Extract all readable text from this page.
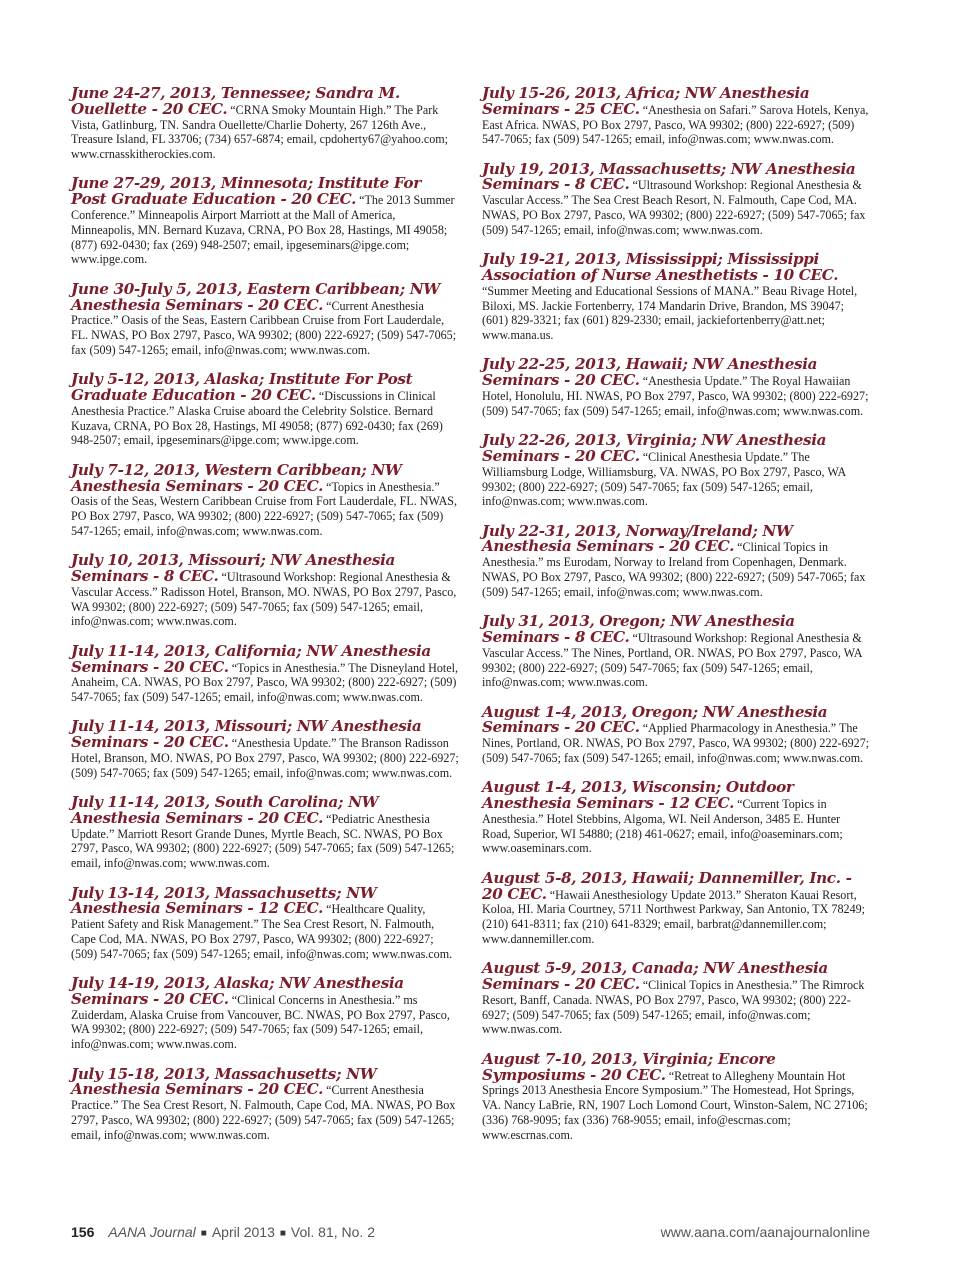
June 24-27, 2013, Tennessee; Sandra M. Ouellette - 20 CEC. “CRNA Smoky Mountain High.” The Park Vista, Gatlinburg, TN. Sandra Ouellette/Charlie Doherty, 267 126th Ave., Treasure Island, FL 33706; (734) 657-6874; email, cpdoherty67@yahoo.com; www.crnasskitherockies.com.
June 27-29, 2013, Minnesota; Institute For Post Graduate Education - 20 CEC. “The 2013 Summer Conference.” Minneapolis Airport Marriott at the Mall of America, Minneapolis, MN. Bernard Kuzava, CRNA, PO Box 28, Hastings, MI 49058; (877) 692-0430; fax (269) 948-2507; email, ipgeseminars@ipge.com; www.ipge.com.
June 30-July 5, 2013, Eastern Caribbean; NW Anesthesia Seminars - 20 CEC. “Current Anesthesia Practice.” Oasis of the Seas, Eastern Caribbean Cruise from Fort Lauderdale, FL. NWAS, PO Box 2797, Pasco, WA 99302; (800) 222-6927; (509) 547-7065; fax (509) 547-1265; email, info@nwas.com; www.nwas.com.
July 5-12, 2013, Alaska; Institute For Post Graduate Education - 20 CEC. “Discussions in Clinical Anesthesia Practice.” Alaska Cruise aboard the Celebrity Solstice. Bernard Kuzava, CRNA, PO Box 28, Hastings, MI 49058; (877) 692-0430; fax (269) 948-2507; email, ipgeseminars@ipge.com; www.ipge.com.
July 7-12, 2013, Western Caribbean; NW Anesthesia Seminars - 20 CEC. “Topics in Anesthesia.” Oasis of the Seas, Western Caribbean Cruise from Fort Lauderdale, FL. NWAS, PO Box 2797, Pasco, WA 99302; (800) 222-6927; (509) 547-7065; fax (509) 547-1265; email, info@nwas.com; www.nwas.com.
July 10, 2013, Missouri; NW Anesthesia Seminars - 8 CEC. “Ultrasound Workshop: Regional Anesthesia & Vascular Access.” Radisson Hotel, Branson, MO. NWAS, PO Box 2797, Pasco, WA 99302; (800) 222-6927; (509) 547-7065; fax (509) 547-1265; email, info@nwas.com; www.nwas.com.
July 11-14, 2013, California; NW Anesthesia Seminars - 20 CEC. “Topics in Anesthesia.” The Disneyland Hotel, Anaheim, CA. NWAS, PO Box 2797, Pasco, WA 99302; (800) 222-6927; (509) 547-7065; fax (509) 547-1265; email, info@nwas.com; www.nwas.com.
July 11-14, 2013, Missouri; NW Anesthesia Seminars - 20 CEC. “Anesthesia Update.” The Branson Radisson Hotel, Branson, MO. NWAS, PO Box 2797, Pasco, WA 99302; (800) 222-6927; (509) 547-7065; fax (509) 547-1265; email, info@nwas.com; www.nwas.com.
July 11-14, 2013, South Carolina; NW Anesthesia Seminars - 20 CEC. “Pediatric Anesthesia Update.” Marriott Resort Grande Dunes, Myrtle Beach, SC. NWAS, PO Box 2797, Pasco, WA 99302; (800) 222-6927; (509) 547-7065; fax (509) 547-1265; email, info@nwas.com; www.nwas.com.
July 13-14, 2013, Massachusetts; NW Anesthesia Seminars - 12 CEC. “Healthcare Quality, Patient Safety and Risk Management.” The Sea Crest Resort, N. Falmouth, Cape Cod, MA. NWAS, PO Box 2797, Pasco, WA 99302; (800) 222-6927; (509) 547-7065; fax (509) 547-1265; email, info@nwas.com; www.nwas.com.
July 14-19, 2013, Alaska; NW Anesthesia Seminars - 20 CEC. “Clinical Concerns in Anesthesia.” ms Zuiderdam, Alaska Cruise from Vancouver, BC. NWAS, PO Box 2797, Pasco, WA 99302; (800) 222-6927; (509) 547-7065; fax (509) 547-1265; email, info@nwas.com; www.nwas.com.
July 15-18, 2013, Massachusetts; NW Anesthesia Seminars - 20 CEC. “Current Anesthesia Practice.” The Sea Crest Resort, N. Falmouth, Cape Cod, MA. NWAS, PO Box 2797, Pasco, WA 99302; (800) 222-6927; (509) 547-7065; fax (509) 547-1265; email, info@nwas.com; www.nwas.com.
July 15-26, 2013, Africa; NW Anesthesia Seminars - 25 CEC. “Anesthesia on Safari.” Sarova Hotels, Kenya, East Africa. NWAS, PO Box 2797, Pasco, WA 99302; (800) 222-6927; (509) 547-7065; fax (509) 547-1265; email, info@nwas.com; www.nwas.com.
July 19, 2013, Massachusetts; NW Anesthesia Seminars - 8 CEC. “Ultrasound Workshop: Regional Anesthesia & Vascular Access.” The Sea Crest Beach Resort, N. Falmouth, Cape Cod, MA. NWAS, PO Box 2797, Pasco, WA 99302; (800) 222-6927; (509) 547-7065; fax (509) 547-1265; email, info@nwas.com; www.nwas.com.
July 19-21, 2013, Mississippi; Mississippi Association of Nurse Anesthetists - 10 CEC. “Summer Meeting and Educational Sessions of MANA.” Beau Rivage Hotel, Biloxi, MS. Jackie Fortenberry, 174 Mandarin Drive, Brandon, MS 39047; (601) 829-3321; fax (601) 829-2330; email, jackiefortenberry@att.net; www.mana.us.
July 22-25, 2013, Hawaii; NW Anesthesia Seminars - 20 CEC. “Anesthesia Update.” The Royal Hawaiian Hotel, Honolulu, HI. NWAS, PO Box 2797, Pasco, WA 99302; (800) 222-6927; (509) 547-7065; fax (509) 547-1265; email, info@nwas.com; www.nwas.com.
July 22-26, 2013, Virginia; NW Anesthesia Seminars - 20 CEC. “Clinical Anesthesia Update.” The Williamsburg Lodge, Williamsburg, VA. NWAS, PO Box 2797, Pasco, WA 99302; (800) 222-6927; (509) 547-7065; fax (509) 547-1265; email, info@nwas.com; www.nwas.com.
July 22-31, 2013, Norway/Ireland; NW Anesthesia Seminars - 20 CEC. “Clinical Topics in Anesthesia.” ms Eurodam, Norway to Ireland from Copenhagen, Denmark. NWAS, PO Box 2797, Pasco, WA 99302; (800) 222-6927; (509) 547-7065; fax (509) 547-1265; email, info@nwas.com; www.nwas.com.
July 31, 2013, Oregon; NW Anesthesia Seminars - 8 CEC. “Ultrasound Workshop: Regional Anesthesia & Vascular Access.” The Nines, Portland, OR. NWAS, PO Box 2797, Pasco, WA 99302; (800) 222-6927; (509) 547-7065; fax (509) 547-1265; email, info@nwas.com; www.nwas.com.
August 1-4, 2013, Oregon; NW Anesthesia Seminars - 20 CEC. “Applied Pharmacology in Anesthesia.” The Nines, Portland, OR. NWAS, PO Box 2797, Pasco, WA 99302; (800) 222-6927; (509) 547-7065; fax (509) 547-1265; email, info@nwas.com; www.nwas.com.
August 1-4, 2013, Wisconsin; Outdoor Anesthesia Seminars - 12 CEC. “Current Topics in Anesthesia.” Hotel Stebbins, Algoma, WI. Neil Anderson, 3485 E. Hunter Road, Superior, WI 54880; (218) 461-0627; email, info@oaseminars.com; www.oaseminars.com.
August 5-8, 2013, Hawaii; Dannemiller, Inc. - 20 CEC. “Hawaii Anesthesiology Update 2013.” Sheraton Kauai Resort, Koloa, HI. Maria Courtney, 5711 Northwest Parkway, San Antonio, TX 78249; (210) 641-8311; fax (210) 641-8329; email, barbrat@dannemiller.com; www.dannemiller.com.
August 5-9, 2013, Canada; NW Anesthesia Seminars - 20 CEC. “Clinical Topics in Anesthesia.” The Rimrock Resort, Banff, Canada. NWAS, PO Box 2797, Pasco, WA 99302; (800) 222-6927; (509) 547-7065; fax (509) 547-1265; email, info@nwas.com; www.nwas.com.
August 7-10, 2013, Virginia; Encore Symposiums - 20 CEC. “Retreat to Allegheny Mountain Hot Springs 2013 Anesthesia Encore Symposium.” The Homestead, Hot Springs, VA. Nancy LaBrie, RN, 1907 Loch Lomond Court, Winston-Salem, NC 27106; (336) 768-9095; fax (336) 768-9055; email, info@escrnas.com; www.escrnas.com.
156 AANA Journal ■ April 2013 ■ Vol. 81, No. 2	www.aana.com/aanajournalonline
